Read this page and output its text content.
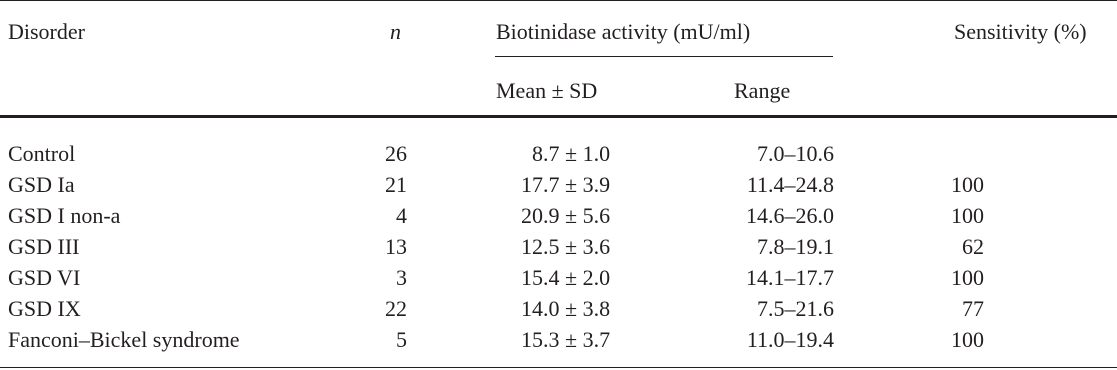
Disorder	n	Biotinidase activity (mU/ml)	Sensitivity (%)
Mean ± SD	Range
Control	26	8.7 ± 1.0	7.0–10.6
GSD Ia	21	17.7 ± 3.9	11.4–24.8	100
GSD I non-a	4	20.9 ± 5.6	14.6–26.0	100
GSD III	13	12.5 ± 3.6	7.8–19.1	62
GSD VI	3	15.4 ± 2.0	14.1–17.7	100
GSD IX	22	14.0 ± 3.8	7.5–21.6	77
Fanconi–Bickel syndrome	5	15.3 ± 3.7	11.0–19.4	100
